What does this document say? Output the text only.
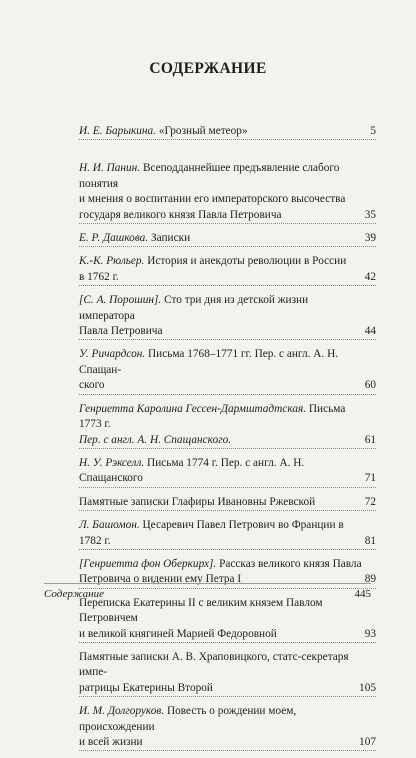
СОДЕРЖАНИЕ
И. Е. Барыкина. «Грозный метеор»	5
Н. И. Панин. Всеподданнейшее предъявление слабого понятия
и мнения о воспитании его императорского высочества
государя великого князя Павла Петровича	35
Е. Р. Дашкова. Записки	39
К.-К. Рюльер. История и анекдоты революции в России
в 1762 г.	42
[С. А. Порошин]. Сто три дня из детской жизни императора
Павла Петровича	44
У. Ричардсон. Письма 1768–1771 гг. Пер. с англ. А. Н. Спащан-
ского	60
Генриетта Каролина Гессен-Дармштадтская. Письма 1773 г.
Пер. с англ. А. Н. Спащанского.	61
Н. У. Рэкселл. Письма 1774 г. Пер. с англ. А. Н. Спащанского	71
Памятные записки Глафиры Ивановны Ржевской	72
Л. Башомон. Цесаревич Павел Петрович во Франции в 1782 г.	81
[Генриетта фон Оберкирх]. Рассказ великого князя Павла
Петровича о видении ему Петра I	89
Переписка Екатерины II с великим князем Павлом Петровичем
и великой княгиней Марией Федоровной	93
Памятные записки А. В. Храповицкого, статс-секретаря импе-
ратрицы Екатерины Второй	105
И. М. Долгоруков. Повесть о рождении моем, происхождении
и всей жизни	107
Содержание	445
